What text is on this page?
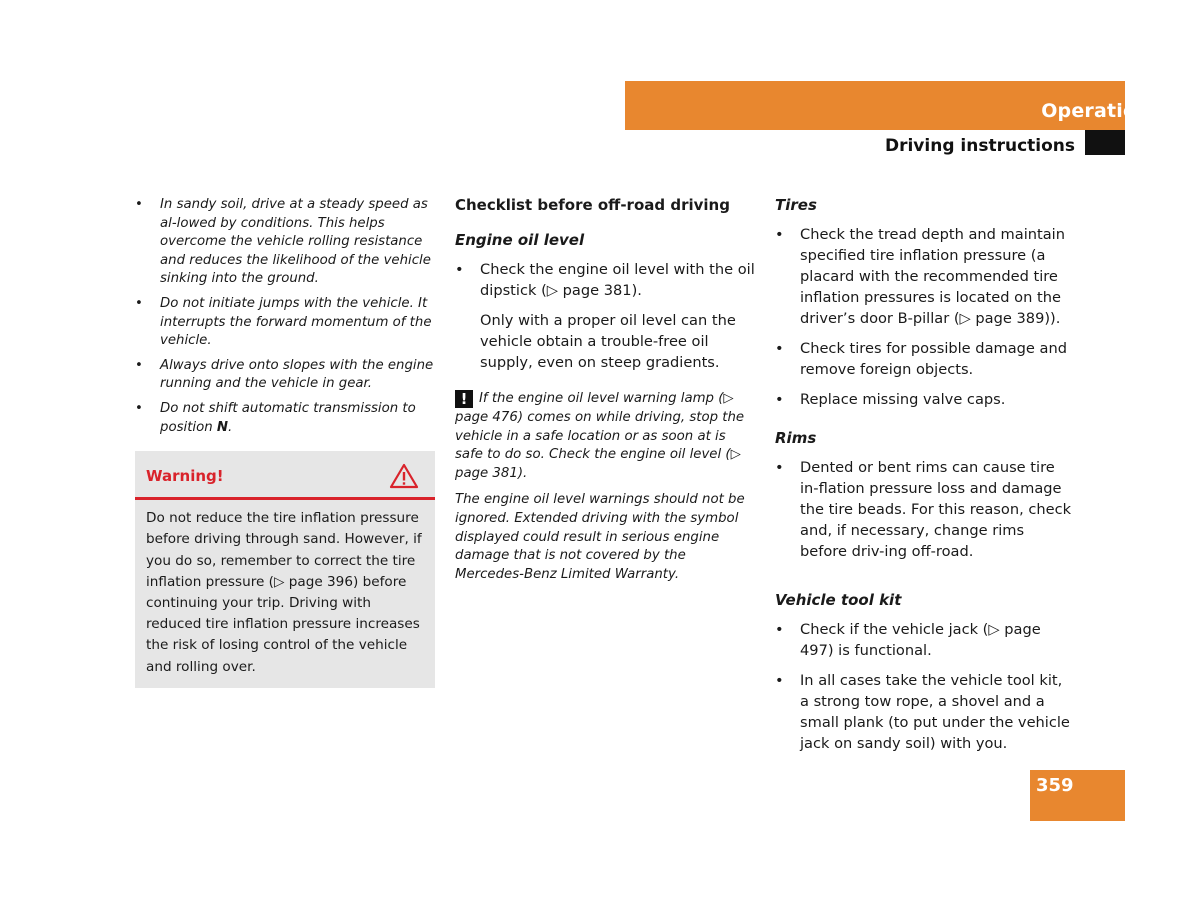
Operation
Driving instructions
• In sandy soil, drive at a steady speed as al-lowed by conditions. This helps overcome the vehicle rolling resistance and reduces the likelihood of the vehicle sinking into the ground.
• Do not initiate jumps with the vehicle. It interrupts the forward momentum of the vehicle.
• Always drive onto slopes with the engine running and the vehicle in gear.
• Do not shift automatic transmission to position N.
Warning!
Do not reduce the tire inflation pressure before driving through sand. However, if you do so, remember to correct the tire inflation pressure (▷ page 396) before continuing your trip. Driving with reduced tire inflation pressure increases the risk of losing control of the vehicle and rolling over.
Checklist before off-road driving
Engine oil level

• Check the engine oil level with the oil dipstick (▷ page 381).

Only with a proper oil level can the vehicle obtain a trouble-free oil supply, even on steep gradients.

! If the engine oil level warning lamp (▷ page 476) comes on while driving, stop the vehicle in a safe location or as soon at is safe to do so. Check the engine oil level (▷ page 381).

The engine oil level warnings should not be ignored. Extended driving with the symbol displayed could result in serious engine damage that is not covered by the Mercedes-Benz Limited Warranty.

Tires
• Check the tread depth and maintain specified tire inflation pressure (a placard with the recommended tire inflation pressures is located on the driver’s door B-pillar (▷ page 389)).
• Check tires for possible damage and remove foreign objects.
• Replace missing valve caps.
Rims
• Dented or bent rims can cause tire in-flation pressure loss and damage the tire beads. For this reason, check and, if necessary, change rims before driv-ing off-road.
Vehicle tool kit
• Check if the vehicle jack (▷ page 497) is functional.
• In all cases take the vehicle tool kit, a strong tow rope, a shovel and a small plank (to put under the vehicle jack on sandy soil) with you.
359
